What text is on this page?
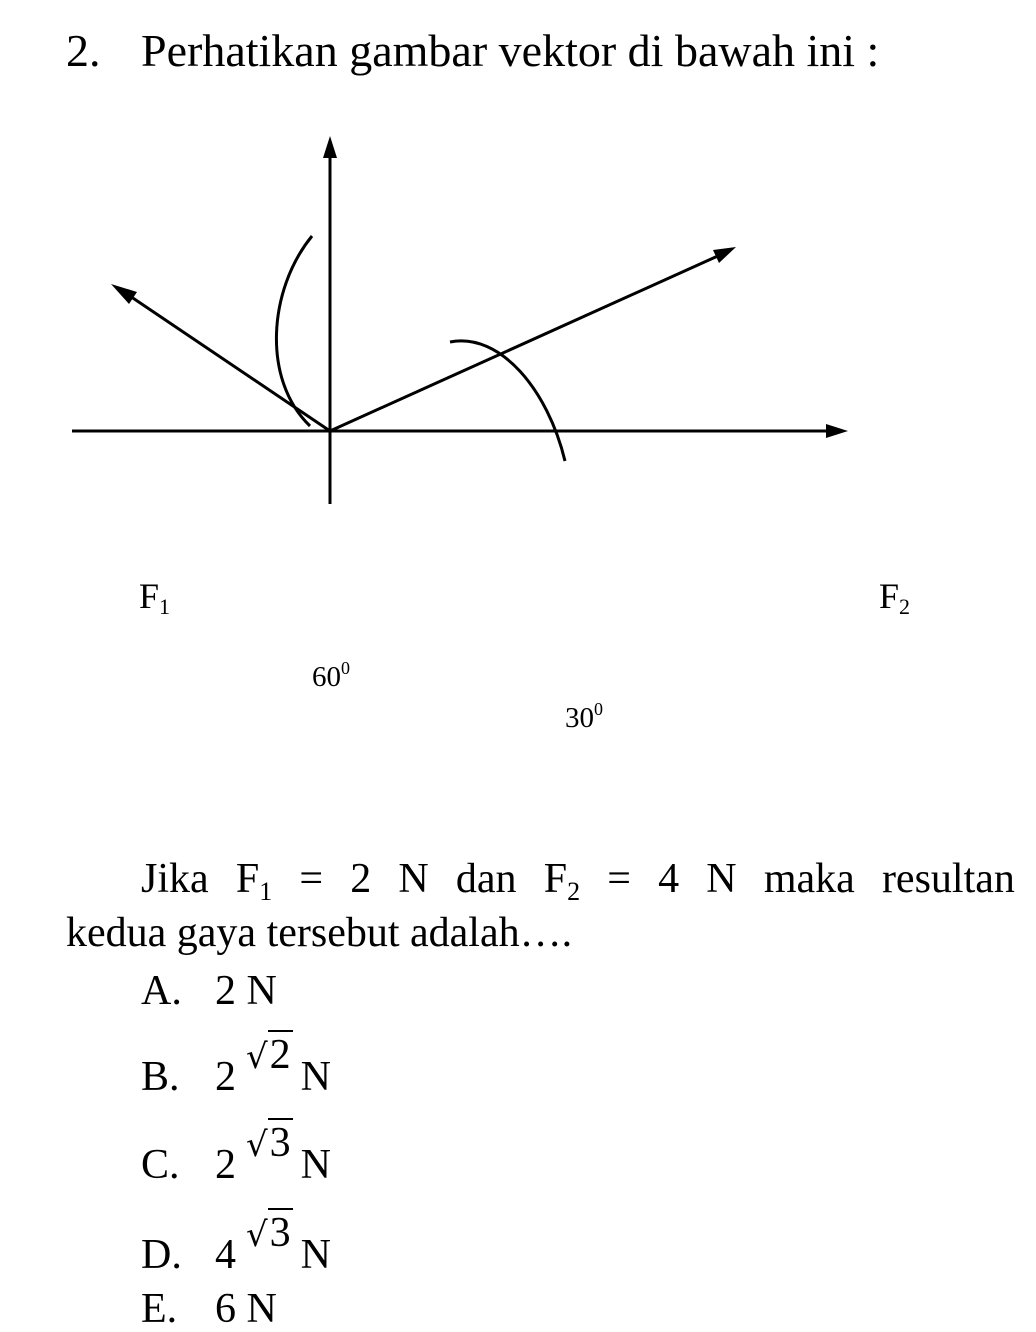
2. Perhatikan gambar vektor di bawah ini :
$F_1$	$F_2$
$60^0$
$30^0$
Jika $F_1 = 2$ N dan $F_2 = 4$ N maka resultan
kedua gaya tersebut adalah….
A. 2 N
B. 2 √2 N
C. 2 √3 N
D. 4 √3 N
E. 6 N
